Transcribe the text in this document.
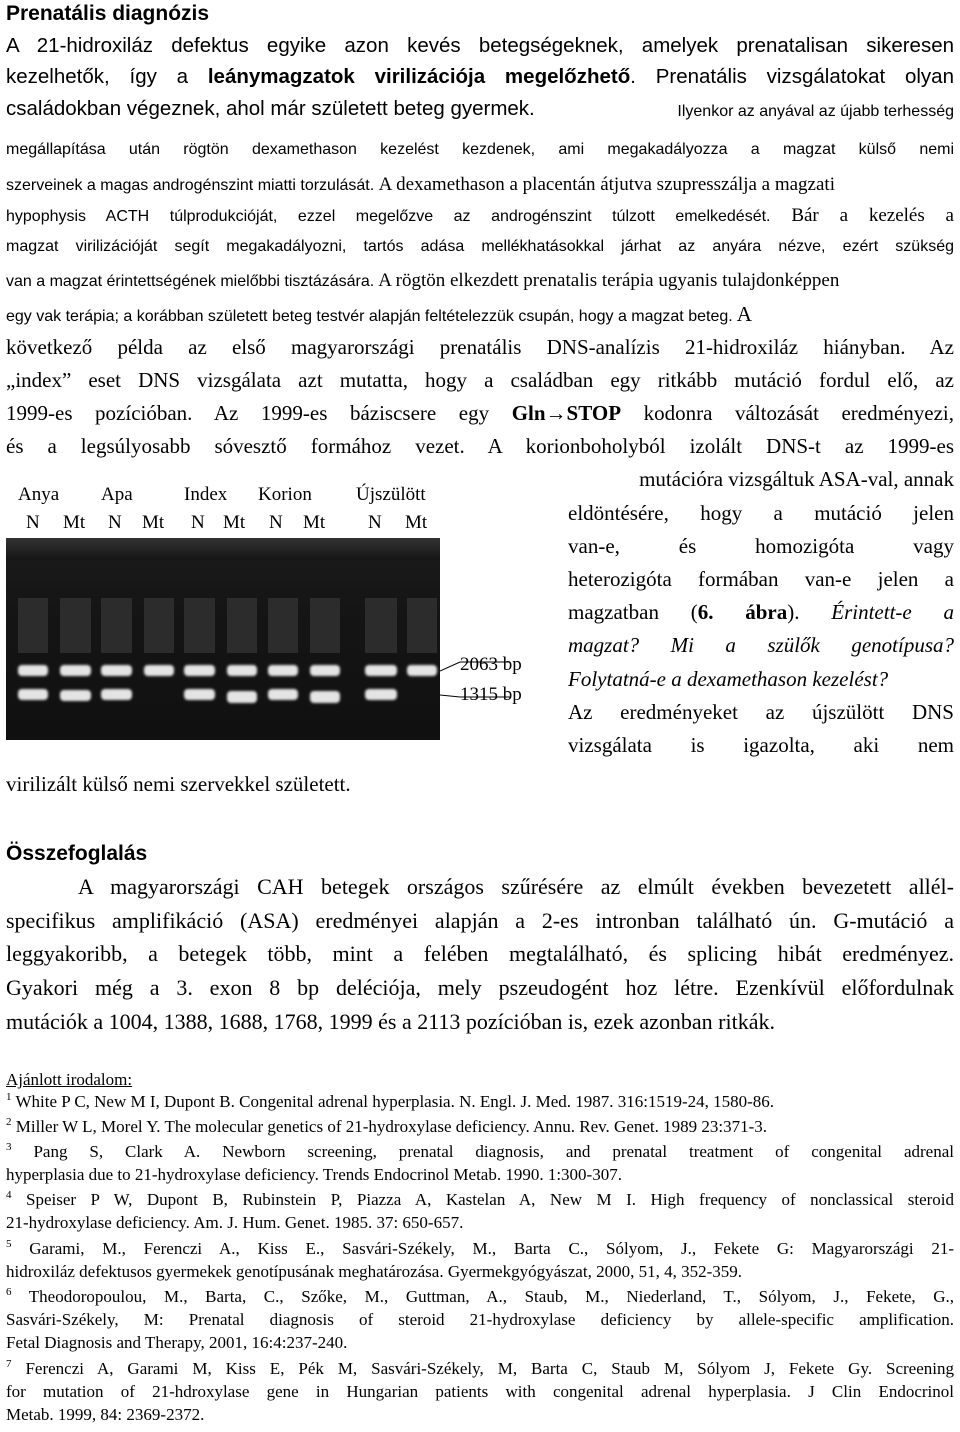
Prenatális diagnózis
A 21-hidroxiláz defektus egyike azon kevés betegségeknek, amelyek prenatalisan sikeresen
kezelhetők, így a leánymagzatok virilizációja megelőzhető. Prenatális vizsgálatokat olyan
családokban végeznek, ahol már született beteg gyermek.	Ilyenkor az anyával az újabb terhesség
megállapítása után rögtön dexamethason kezelést kezdenek, ami megakadályozza a magzat külső nemi
szerveinek a magas androgénszint miatti torzulását. A dexamethason a placentán átjutva szupresszálja a magzati
hypophysis ACTH túlprodukcióját, ezzel megelőzve az androgénszint túlzott emelkedését. Bár a kezelés a
magzat virilizációját segít megakadályozni, tartós adása mellékhatásokkal járhat az anyára nézve, ezért szükség
van a magzat érintettségének mielőbbi tisztázására. A rögtön elkezdett prenatalis terápia ugyanis tulajdonképpen
egy vak terápia; a korábban született beteg testvér alapján feltételezzük csupán, hogy a magzat beteg. A
következő példa az első magyarországi prenatális DNS-analízis 21-hidroxiláz hiányban. Az
„index” eset DNS vizsgálata azt mutatta, hogy a családban egy ritkább mutáció fordul elő, az
1999-es pozícióban. Az 1999-es báziscsere egy Gln→STOP kodonra változását eredményezi,
és a legsúlyosabb sóvesztő formához vezet. A korionboholyból izolált DNS-t az 1999-es
mutációra vizsgáltuk ASA-val, annak
eldöntésére, hogy a mutáció jelen
van-e, és homozigóta vagy
heterozigóta formában van-e jelen a
magzatban (6. ábra). Érintett-e a
magzat? Mi a szülők genotípusa?
Folytatná-e a dexamethason kezelést?
Az eredményeket az újszülött DNS
vizsgálata is igazolta, aki nem
Anya Apa	Index Korion Újszülött
N Mt N Mt N Mt N Mt N Mt
2063 bp
1315 bp
virilizált külső nemi szervekkel született.
Összefoglalás
A magyarországi CAH betegek országos szűrésére az elmúlt években bevezetett allél-
specifikus amplifikáció (ASA) eredményei alapján a 2-es intronban található ún. G-mutáció a
leggyakoribb, a betegek több, mint a felében megtalálható, és splicing hibát eredményez.
Gyakori még a 3. exon 8 bp deléciója, mely pszeudogént hoz létre. Ezenkívül előfordulnak
mutációk a 1004, 1388, 1688, 1768, 1999 és a 2113 pozícióban is, ezek azonban ritkák.
Ajánlott irodalom:
$^1$ White P C, New M I, Dupont B. Congenital adrenal hyperplasia. N. Engl. J. Med. 1987. 316:1519-24, 1580-86.
$^2$ Miller W L, Morel Y. The molecular genetics of 21-hydroxylase deficiency. Annu. Rev. Genet. 1989 23:371-3.
$^3$ Pang S, Clark A. Newborn screening, prenatal diagnosis, and prenatal treatment of congenital adrenal
hyperplasia due to 21-hydroxylase deficiency. Trends Endocrinol Metab. 1990. 1:300-307.
$^4$ Speiser P W, Dupont B, Rubinstein P, Piazza A, Kastelan A, New M I. High frequency of nonclassical steroid
21-hydroxylase deficiency. Am. J. Hum. Genet. 1985. 37: 650-657.
$^5$ Garami, M., Ferenczi A., Kiss E., Sasvári-Székely, M., Barta C., Sólyom, J., Fekete G: Magyarországi 21-
hidroxiláz defektusos gyermekek genotípusának meghatározása. Gyermekgyógyászat, 2000, 51, 4, 352-359.
$^6$ Theodoropoulou, M., Barta, C., Szőke, M., Guttman, A., Staub, M., Niederland, T., Sólyom, J., Fekete, G.,
Sasvári-Székely, M: Prenatal diagnosis of steroid 21-hydroxylase deficiency by allele-specific amplification.
Fetal Diagnosis and Therapy, 2001, 16:4:237-240.
$^7$ Ferenczi A, Garami M, Kiss E, Pék M, Sasvári-Székely, M, Barta C, Staub M, Sólyom J, Fekete Gy. Screening
for mutation of 21-hdroxylase gene in Hungarian patients with congenital adrenal hyperplasia. J Clin Endocrinol
Metab. 1999, 84: 2369-2372.
